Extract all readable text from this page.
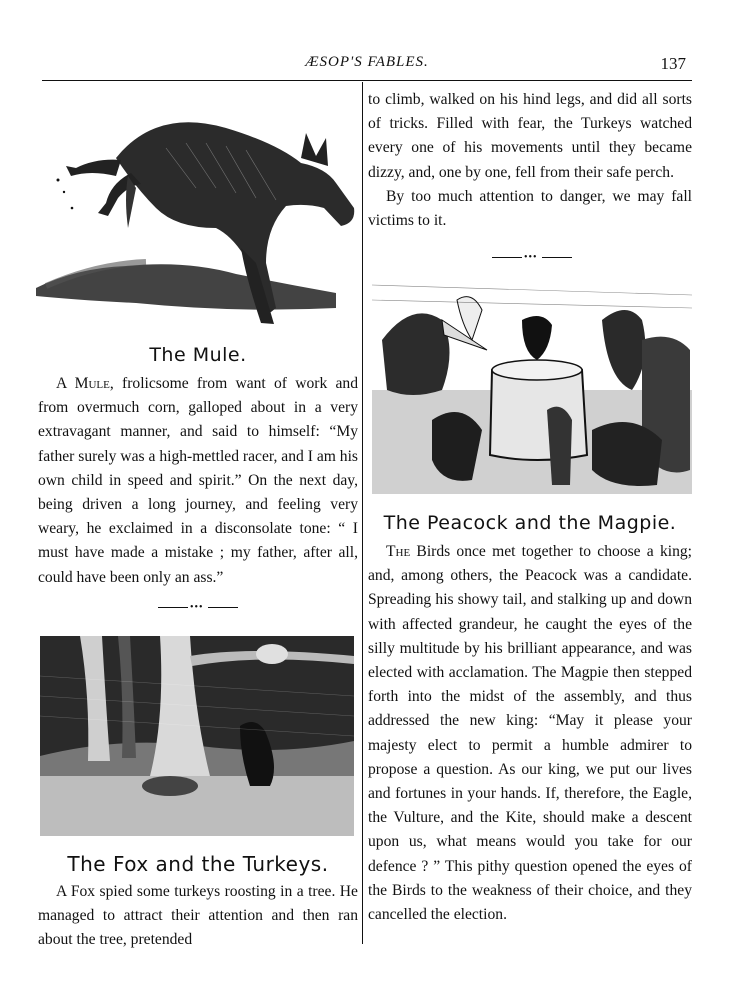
ÆSOP'S FABLES.	137
The Mule.

A Mule, frolicsome from want of work and from overmuch corn, galloped about in a very extravagant manner, and said to himself: “My father surely was a high-mettled racer, and I am his own child in speed and spirit.” On the next day, being driven a long journey, and feeling very weary, he exclaimed in a disconsolate tone: “ I must have made a mistake ; my father, after all, could have been only an ass.”

•••
The Fox and the Turkeys.

A Fox spied some turkeys roosting in a tree. He managed to attract their attention and then ran about the tree, pretended

to climb, walked on his hind legs, and did all sorts of tricks. Filled with fear, the Turkeys watched every one of his movements until they became dizzy, and, one by one, fell from their safe perch.

By too much attention to danger, we may fall victims to it.

•••
The Peacock and the Magpie.

The Birds once met together to choose a king; and, among others, the Peacock was a candidate. Spreading his showy tail, and stalking up and down with affected grandeur, he caught the eyes of the silly multitude by his brilliant appearance, and was elected with acclamation. The Magpie then stepped forth into the midst of the assembly, and thus addressed the new king: “May it please your majesty elect to permit a humble admirer to propose a question. As our king, we put our lives and fortunes in your hands. If, therefore, the Eagle, the Vulture, and the Kite, should make a descent upon us, what means would you take for our defence ? ” This pithy question opened the eyes of the Birds to the weakness of their choice, and they cancelled the election.
